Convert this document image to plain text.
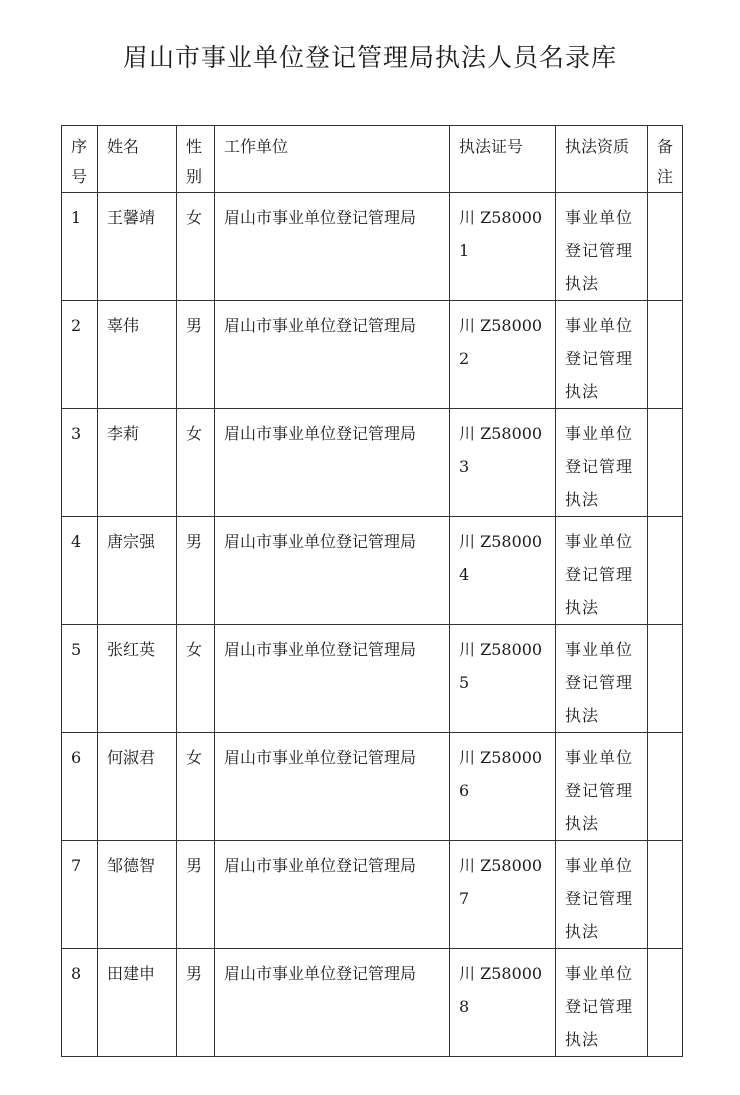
眉山市事业单位登记管理局执法人员名录库
序号	姓名	性别	工作单位	执法证号	执法资质	备注
1	王馨靖	女	眉山市事业单位登记管理局	川 Z580001	事业单位登记管理执法	
2	辜伟	男	眉山市事业单位登记管理局	川 Z580002	事业单位登记管理执法	
3	李莉	女	眉山市事业单位登记管理局	川 Z580003	事业单位登记管理执法	
4	唐宗强	男	眉山市事业单位登记管理局	川 Z580004	事业单位登记管理执法	
5	张红英	女	眉山市事业单位登记管理局	川 Z580005	事业单位登记管理执法	
6	何淑君	女	眉山市事业单位登记管理局	川 Z580006	事业单位登记管理执法	
7	邹德智	男	眉山市事业单位登记管理局	川 Z580007	事业单位登记管理执法	
8	田建申	男	眉山市事业单位登记管理局	川 Z580008	事业单位登记管理执法	
